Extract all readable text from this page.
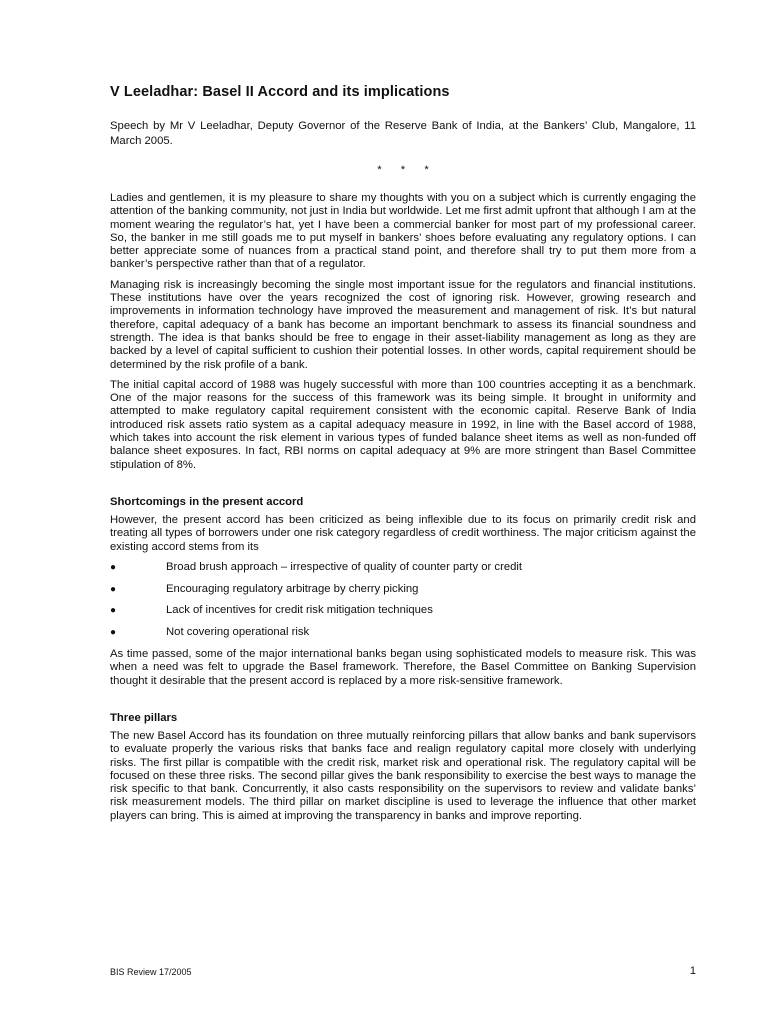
V Leeladhar: Basel II Accord and its implications

Speech by Mr V Leeladhar, Deputy Governor of the Reserve Bank of India, at the Bankers’ Club, Mangalore, 11 March 2005.

* * *

Ladies and gentlemen, it is my pleasure to share my thoughts with you on a subject which is currently engaging the attention of the banking community, not just in India but worldwide. Let me first admit upfront that although I am at the moment wearing the regulator’s hat, yet I have been a commercial banker for most part of my professional career. So, the banker in me still goads me to put myself in bankers’ shoes before evaluating any regulatory options. I can better appreciate some of nuances from a practical stand point, and therefore shall try to put them more from a banker’s perspective rather than that of a regulator.

Managing risk is increasingly becoming the single most important issue for the regulators and financial institutions. These institutions have over the years recognized the cost of ignoring risk. However, growing research and improvements in information technology have improved the measurement and management of risk. It’s but natural therefore, capital adequacy of a bank has become an important benchmark to assess its financial soundness and strength. The idea is that banks should be free to engage in their asset-liability management as long as they are backed by a level of capital sufficient to cushion their potential losses. In other words, capital requirement should be determined by the risk profile of a bank.

The initial capital accord of 1988 was hugely successful with more than 100 countries accepting it as a benchmark. One of the major reasons for the success of this framework was its being simple. It brought in uniformity and attempted to make regulatory capital requirement consistent with the economic capital. Reserve Bank of India introduced risk assets ratio system as a capital adequacy measure in 1992, in line with the Basel accord of 1988, which takes into account the risk element in various types of funded balance sheet items as well as non-funded off balance sheet exposures. In fact, RBI norms on capital adequacy at 9% are more stringent than Basel Committee stipulation of 8%.

Shortcomings in the present accord

However, the present accord has been criticized as being inflexible due to its focus on primarily credit risk and treating all types of borrowers under one risk category regardless of credit worthiness. The major criticism against the existing accord stems from its

●	Broad brush approach – irrespective of quality of counter party or credit
●	Encouraging regulatory arbitrage by cherry picking
●	Lack of incentives for credit risk mitigation techniques
●	Not covering operational risk

As time passed, some of the major international banks began using sophisticated models to measure risk. This was when a need was felt to upgrade the Basel framework. Therefore, the Basel Committee on Banking Supervision thought it desirable that the present accord is replaced by a more risk-sensitive framework.

Three pillars

The new Basel Accord has its foundation on three mutually reinforcing pillars that allow banks and bank supervisors to evaluate properly the various risks that banks face and realign regulatory capital more closely with underlying risks. The first pillar is compatible with the credit risk, market risk and operational risk. The regulatory capital will be focused on these three risks. The second pillar gives the bank responsibility to exercise the best ways to manage the risk specific to that bank. Concurrently, it also casts responsibility on the supervisors to review and validate banks’ risk measurement models. The third pillar on market discipline is used to leverage the influence that other market players can bring. This is aimed at improving the transparency in banks and improve reporting.

BIS Review 17/2005	1
